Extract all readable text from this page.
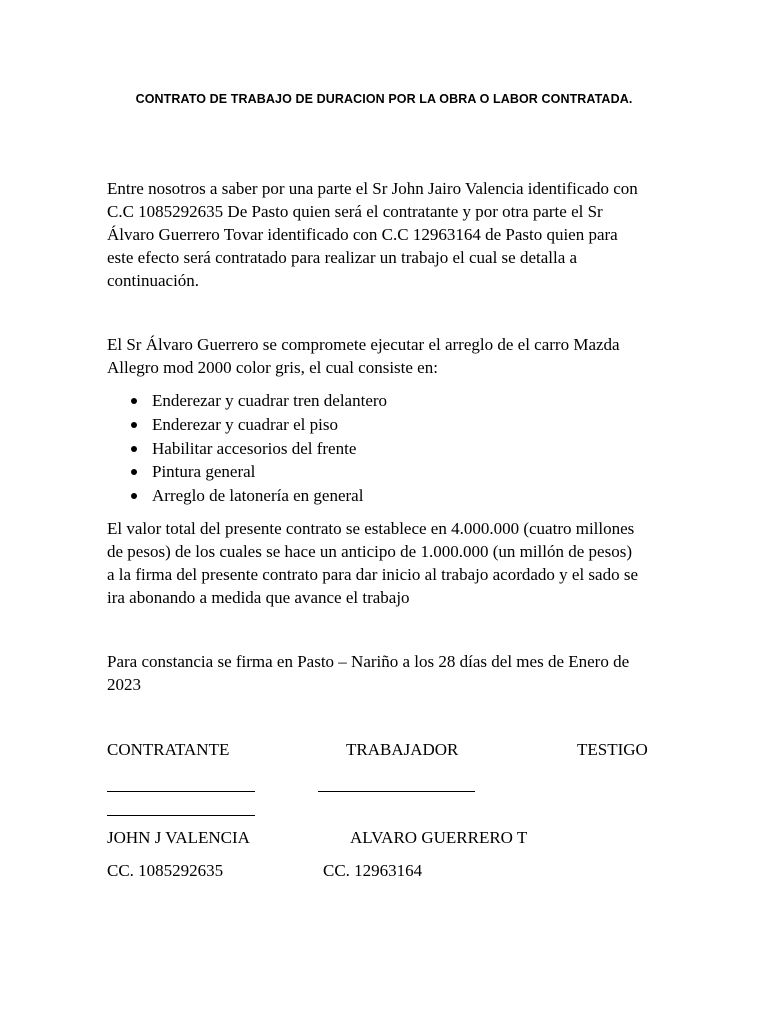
CONTRATO DE TRABAJO DE DURACION POR LA OBRA O LABOR CONTRATADA.

Entre nosotros a saber por una parte el Sr John Jairo Valencia identificado con

C.C 1085292635 De Pasto quien será el contratante y por otra parte el Sr

Álvaro Guerrero Tovar identificado con C.C 12963164 de Pasto quien para

este efecto será contratado para realizar un trabajo el cual se detalla a

continuación.

El Sr Álvaro Guerrero se compromete ejecutar el arreglo de el carro Mazda

Allegro mod 2000 color gris, el cual consiste en:

Enderezar y cuadrar tren delantero
Enderezar y cuadrar el piso
Habilitar accesorios del frente
Pintura general
Arreglo de latonería en general

El valor total del presente contrato se establece en 4.000.000 (cuatro millones

de pesos) de los cuales se hace un anticipo de 1.000.000 (un millón de pesos)

a la firma del presente contrato para dar inicio al trabajo acordado y el sado se

ira abonando a medida que avance el trabajo

Para constancia se firma en Pasto – Nariño a los 28 días del mes de Enero de

2023

CONTRATANTE	TRABAJADOR	TESTIGO
JOHN J VALENCIA	ALVARO GUERRERO T
CC. 1085292635	CC. 12963164
